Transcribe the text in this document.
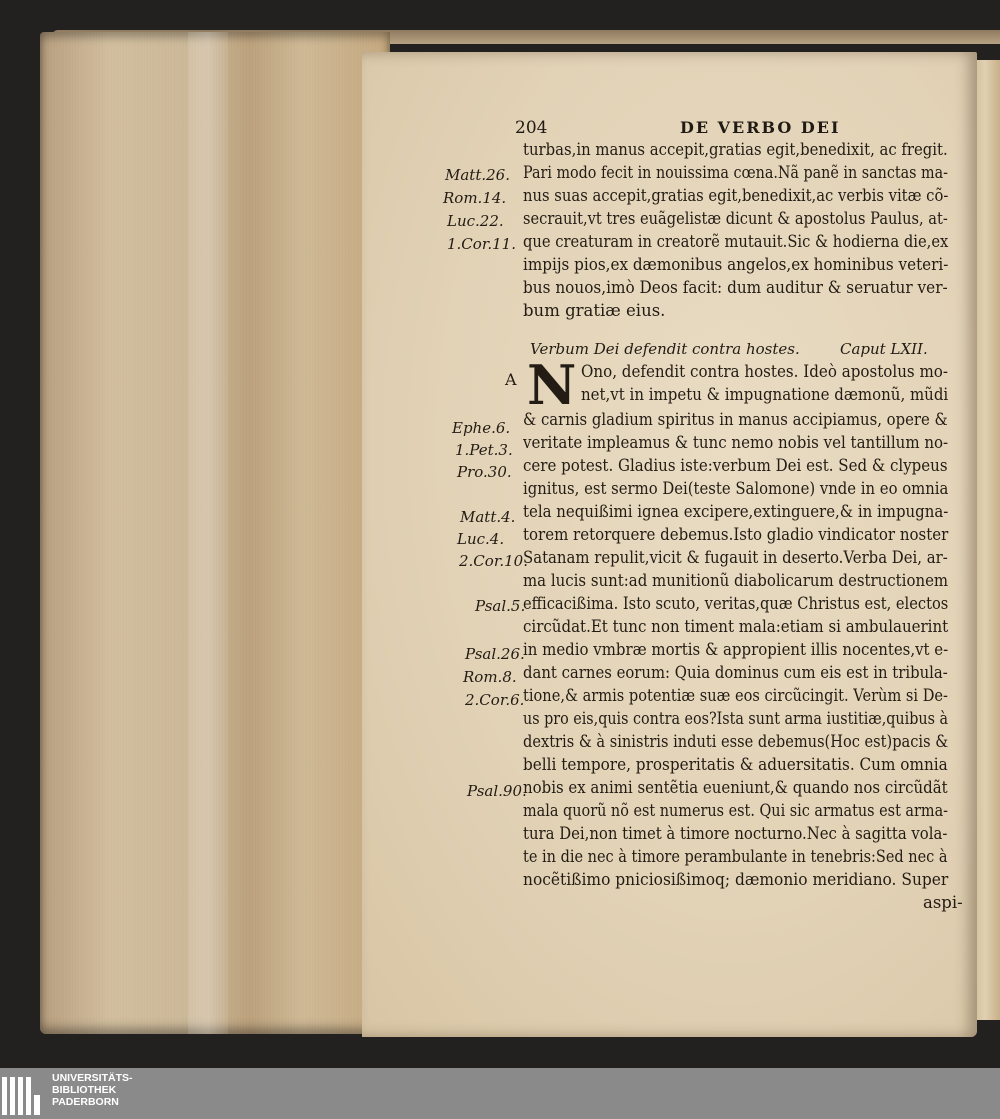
204	DE VERBO DEI
turbas,in manus accepit,gratias egit,benedixit, ac fregit.
Pari modo fecit in nouissima cœna.Nã panẽ in sanctas ma-
nus suas accepit,gratias egit,benedixit,ac verbis vitæ cõ-
secrauit,vt tres euãgelistæ dicunt & apostolus Paulus, at-
que creaturam in creatorẽ mutauit.Sic & hodierna die,ex
impijs pios,ex dæmonibus angelos,ex hominibus veteri-
bus nouos,imò Deos facit: dum auditur & seruatur ver-
bum gratiæ eius.
Verbum Dei defendit contra hostes.	Caput LXII.
A N Ono, defendit contra hostes. Ideò apostolus mo-
net,vt in impetu & impugnatione dæmonũ, mũdi
& carnis gladium spiritus in manus accipiamus, opere &
veritate impleamus & tunc nemo nobis vel tantillum no-
cere potest. Gladius iste:verbum Dei est. Sed & clypeus
ignitus, est sermo Dei(teste Salomone) vnde in eo omnia
tela nequißimi ignea excipere,extinguere,& in impugna-
torem retorquere debemus.Isto gladio vindicator noster
Satanam repulit,vicit & fugauit in deserto.Verba Dei, ar-
ma lucis sunt:ad munitionũ diabolicarum destructionem
efficacißima. Isto scuto, veritas,quæ Christus est, electos
circũdat.Et tunc non timent mala:etiam si ambulauerint
in medio vmbræ mortis & appropient illis nocentes,vt e-
dant carnes eorum: Quia dominus cum eis est in tribula-
tione,& armis potentiæ suæ eos circũcingit. Verùm si De-
us pro eis,quis contra eos?Ista sunt arma iustitiæ,quibus à
dextris & à sinistris induti esse debemus(Hoc est)pacis &
belli tempore, prosperitatis & aduersitatis. Cum omnia
nobis ex animi sentẽtia eueniunt,& quando nos circũdãt
mala quorũ nõ est numerus est. Qui sic armatus est arma-
tura Dei,non timet à timore nocturno.Nec à sagitta vola-
te in die nec à timore perambulante in tenebris:Sed nec à
nocẽtißimo pniciosißimoq; dæmonio meridiano. Super
aspi-
Matt.26.
Rom.14.
Luc.22.
1.Cor.11.
Ephe.6.
1.Pet.3.
Pro.30.
Matt.4.
Luc.4.
2.Cor.10.
Psal.5.
Psal.26.
Rom.8.
2.Cor.6.
Psal.90.
UNIVERSITÄTS-
BIBLIOTHEK
PADERBORN
